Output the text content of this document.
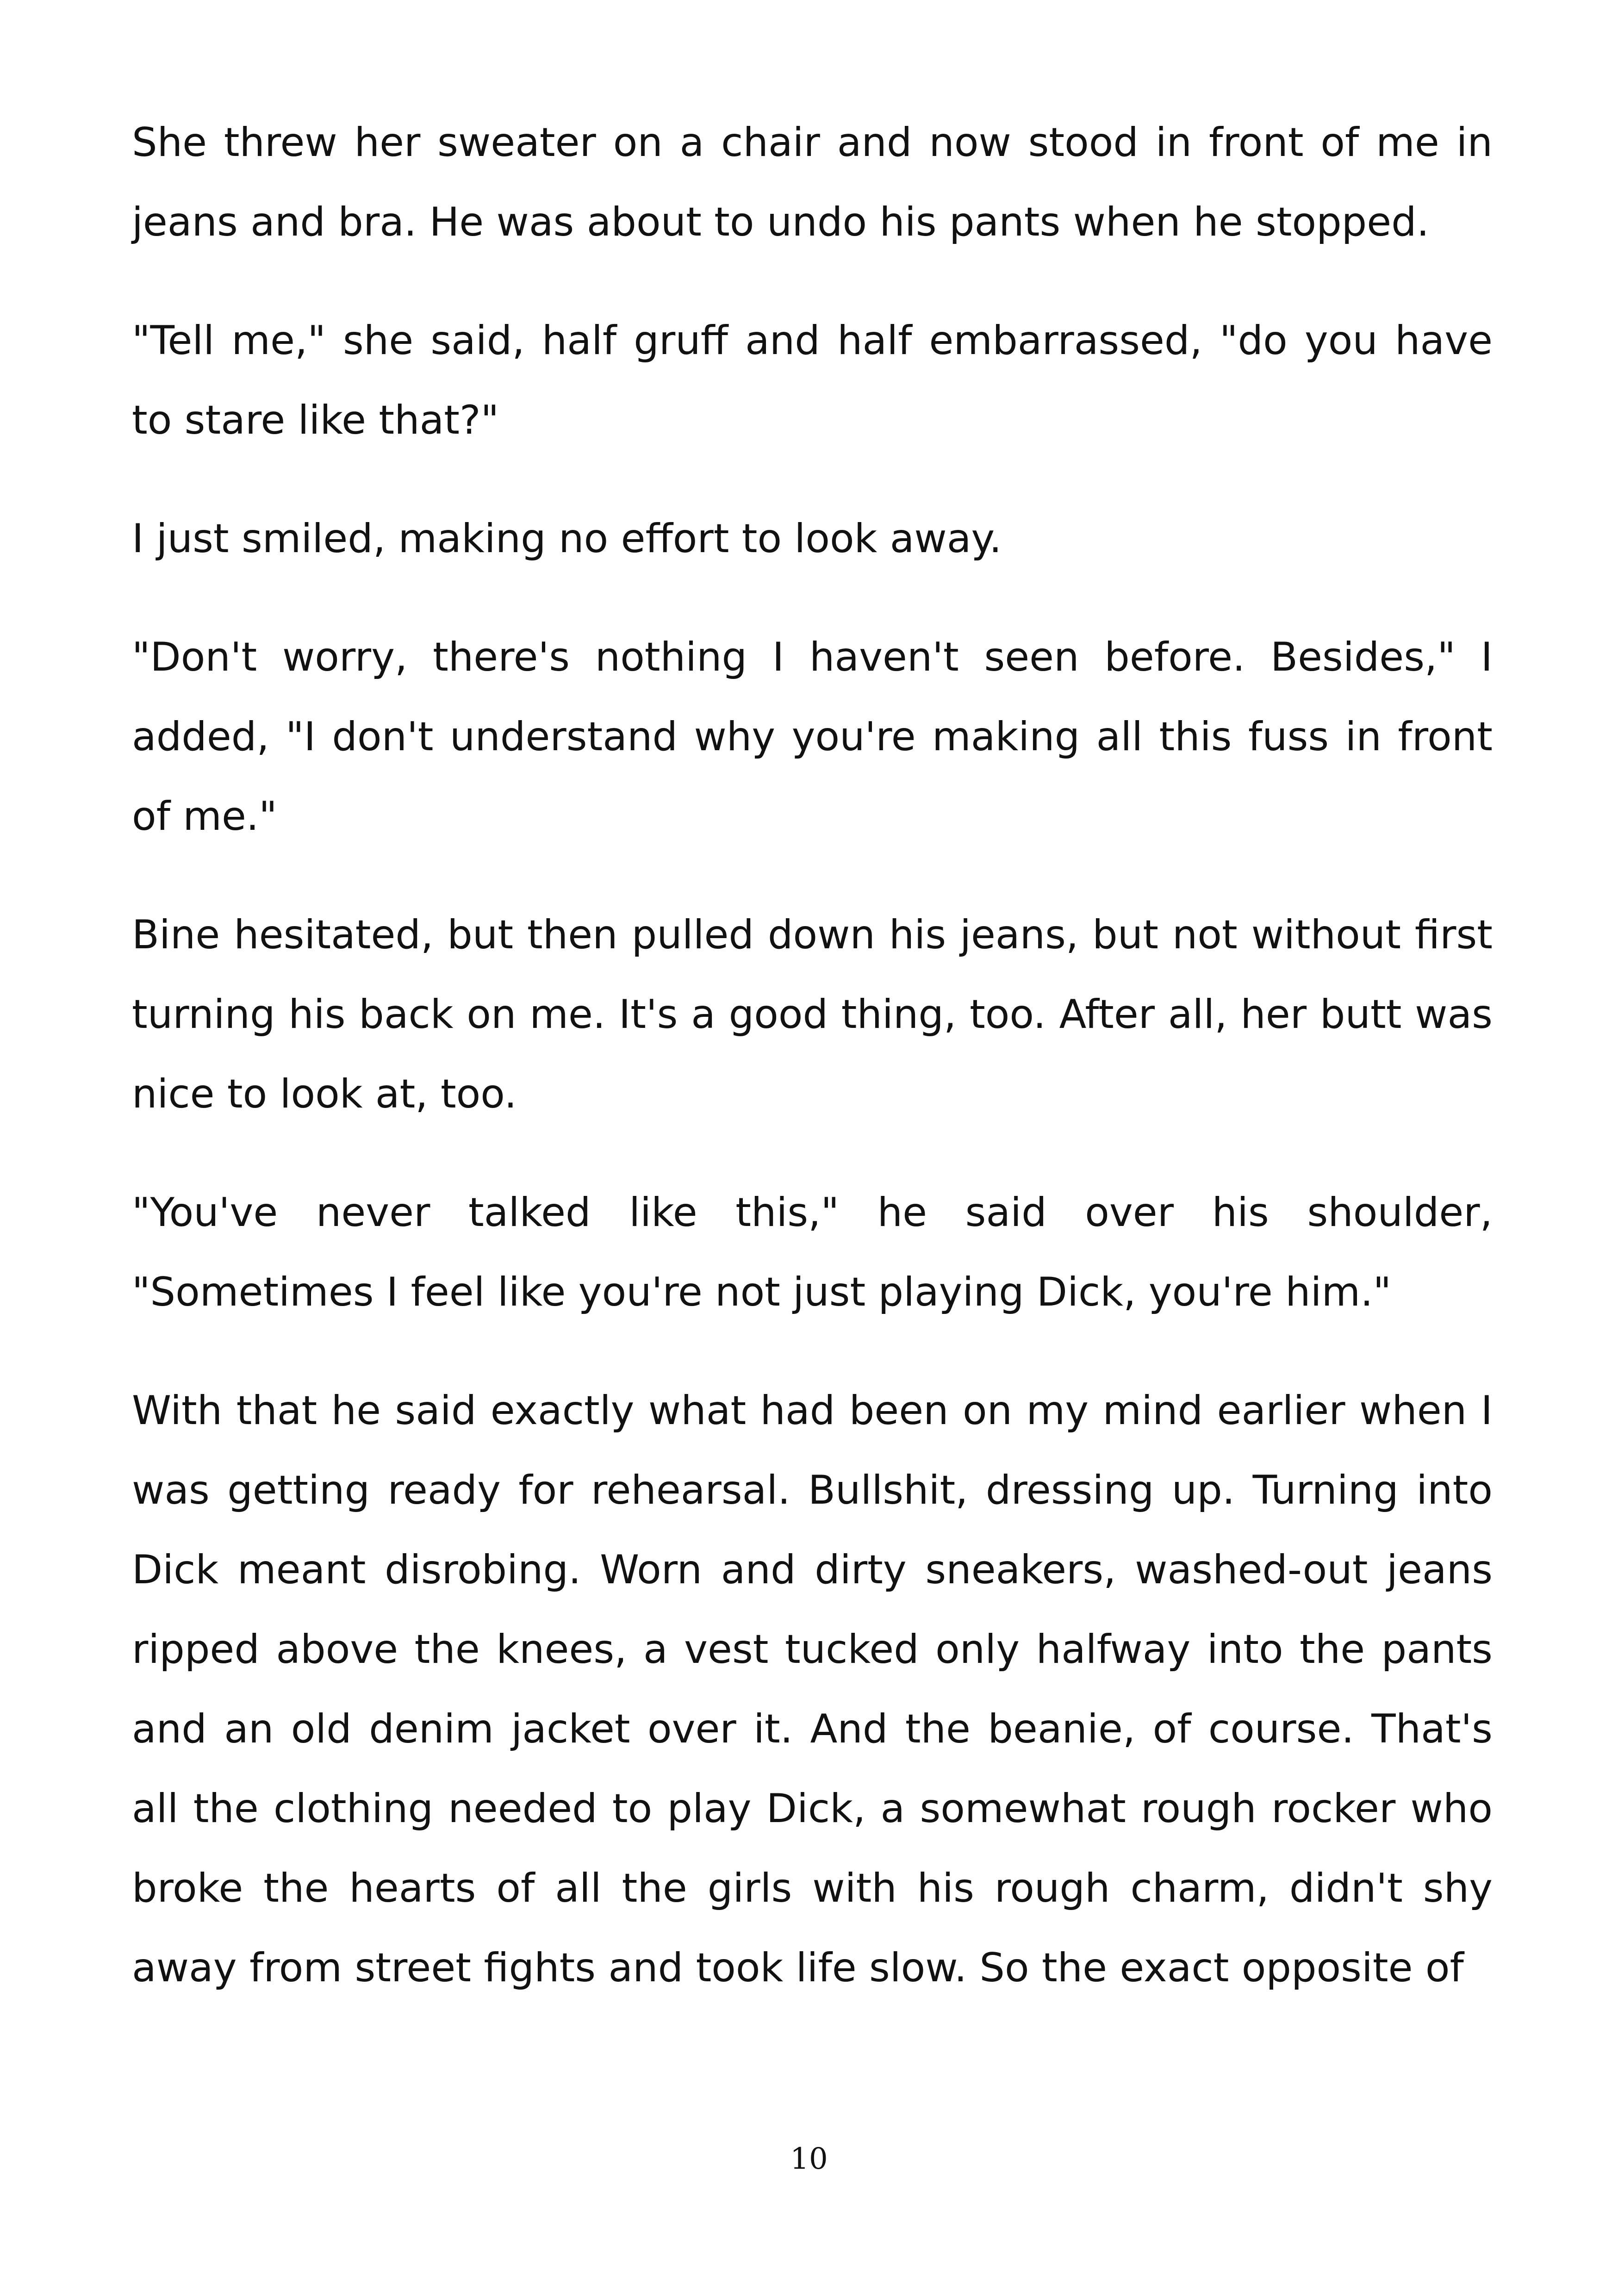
She threw her sweater on a chair and now stood in front of me in jeans and bra. He was about to undo his pants when he stopped.

"Tell me," she said, half gruff and half embarrassed, "do you have to stare like that?"

I just smiled, making no effort to look away.

"Don't worry, there's nothing I haven't seen before. Besides," I added, "I don't understand why you're making all this fuss in front of me."

Bine hesitated, but then pulled down his jeans, but not without first turning his back on me. It's a good thing, too. After all, her butt was nice to look at, too.

"You've never talked like this," he said over his shoulder, "Sometimes I feel like you're not just playing Dick, you're him."

With that he said exactly what had been on my mind earlier when I was getting ready for rehearsal. Bullshit, dressing up. Turning into Dick meant disrobing. Worn and dirty sneakers, washed-out jeans ripped above the knees, a vest tucked only halfway into the pants and an old denim jacket over it. And the beanie, of course. That's all the clothing needed to play Dick, a somewhat rough rocker who broke the hearts of all the girls with his rough charm, didn't shy away from street fights and took life slow. So the exact opposite of

10
